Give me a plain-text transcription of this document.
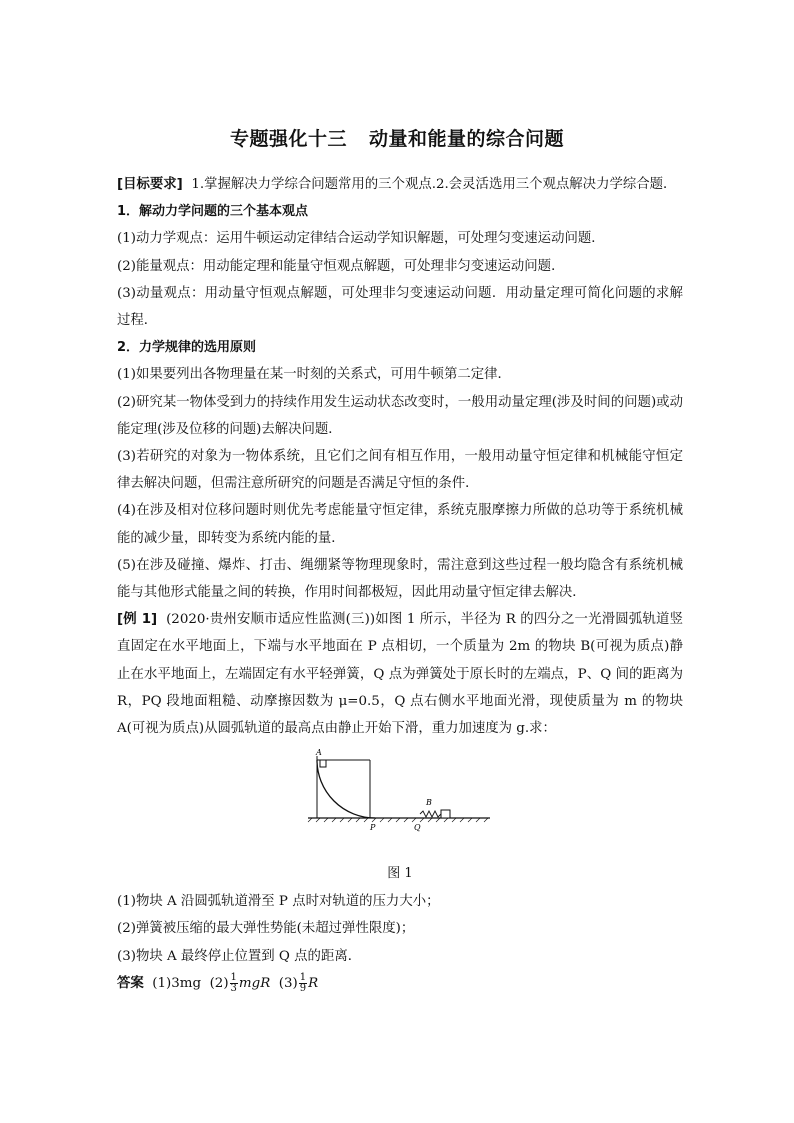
专题强化十三 动量和能量的综合问题

[目标要求] 1.掌握解决力学综合问题常用的三个观点.2.会灵活选用三个观点解决力学综合题．

1．解动力学问题的三个基本观点

(1)动力学观点：运用牛顿运动定律结合运动学知识解题，可处理匀变速运动问题．

(2)能量观点：用动能定理和能量守恒观点解题，可处理非匀变速运动问题．

(3)动量观点：用动量守恒观点解题，可处理非匀变速运动问题．用动量定理可简化问题的求解过程．

2．力学规律的选用原则

(1)如果要列出各物理量在某一时刻的关系式，可用牛顿第二定律．

(2)研究某一物体受到力的持续作用发生运动状态改变时，一般用动量定理(涉及时间的问题)或动能定理(涉及位移的问题)去解决问题．

(3)若研究的对象为一物体系统，且它们之间有相互作用，一般用动量守恒定律和机械能守恒定律去解决问题，但需注意所研究的问题是否满足守恒的条件．

(4)在涉及相对位移问题时则优先考虑能量守恒定律，系统克服摩擦力所做的总功等于系统机械能的减少量，即转变为系统内能的量．

(5)在涉及碰撞、爆炸、打击、绳绷紧等物理现象时，需注意到这些过程一般均隐含有系统机械能与其他形式能量之间的转换，作用时间都极短，因此用动量守恒定律去解决．

[例 1] (2020·贵州安顺市适应性监测(三))如图 1 所示，半径为 R 的四分之一光滑圆弧轨道竖直固定在水平地面上，下端与水平地面在 P 点相切，一个质量为 2m 的物块 B(可视为质点)静止在水平地面上，左端固定有水平轻弹簧，Q 点为弹簧处于原长时的左端点，P、Q 间的距离为 R，PQ 段地面粗糙、动摩擦因数为 μ=0.5，Q 点右侧水平地面光滑，现使质量为 m 的物块 A(可视为质点)从圆弧轨道的最高点由静止开始下滑，重力加速度为 g.求：

A
B
P	Q
图 1

(1)物块 A 沿圆弧轨道滑至 P 点时对轨道的压力大小；

(2)弹簧被压缩的最大弹性势能(未超过弹性限度)；

(3)物块 A 最终停止位置到 Q 点的距离．

答案 (1)3mg $(2) \frac{1}{3}$ mgR $(3) \frac{1}{9}$ R
